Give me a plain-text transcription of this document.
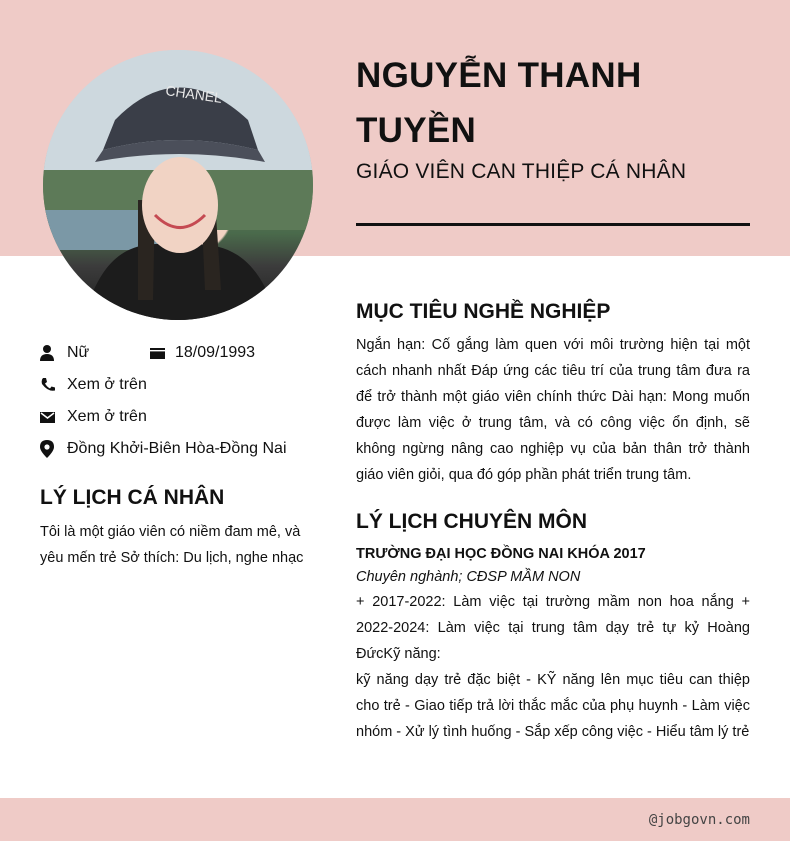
CHANEL	NGUYỄN THANH TUYỀN
GIÁO VIÊN CAN THIỆP CÁ NHÂN
Nữ	18/09/1993
Xem ở trên
Xem ở trên
Đồng Khởi-Biên Hòa-Đồng Nai
LÝ LỊCH CÁ NHÂN
Tôi là một giáo viên có niềm đam mê, và yêu mến trẻ Sở thích: Du lịch, nghe nhạc
MỤC TIÊU NGHỀ NGHIỆP
Ngắn hạn: Cố gắng làm quen với môi trường hiện tại một cách nhanh nhất Đáp ứng các tiêu trí của trung tâm đưa ra để trở thành một giáo viên chính thức Dài hạn: Mong muốn được làm việc ở trung tâm, và có công việc ổn định, sẽ không ngừng nâng cao nghiệp vụ của bản thân trở thành giáo viên giỏi, qua đó góp phần phát triển trung tâm.
LÝ LỊCH CHUYÊN MÔN
TRƯỜNG ĐẠI HỌC ĐỒNG NAI KHÓA 2017
Chuyên nghành; CĐSP MẦM NON
+ 2017-2022: Làm việc tại trường mầm non hoa nắng + 2022-2024: Làm việc tại trung tâm dạy trẻ tự kỷ Hoàng ĐứcKỹ năng:
kỹ năng dạy trẻ đặc biệt - KỸ năng lên mục tiêu can thiệp cho trẻ - Giao tiếp trả lời thắc mắc của phụ huynh - Làm việc nhóm - Xử lý tình huống - Sắp xếp công việc - Hiểu tâm lý trẻ
@jobgovn.com
